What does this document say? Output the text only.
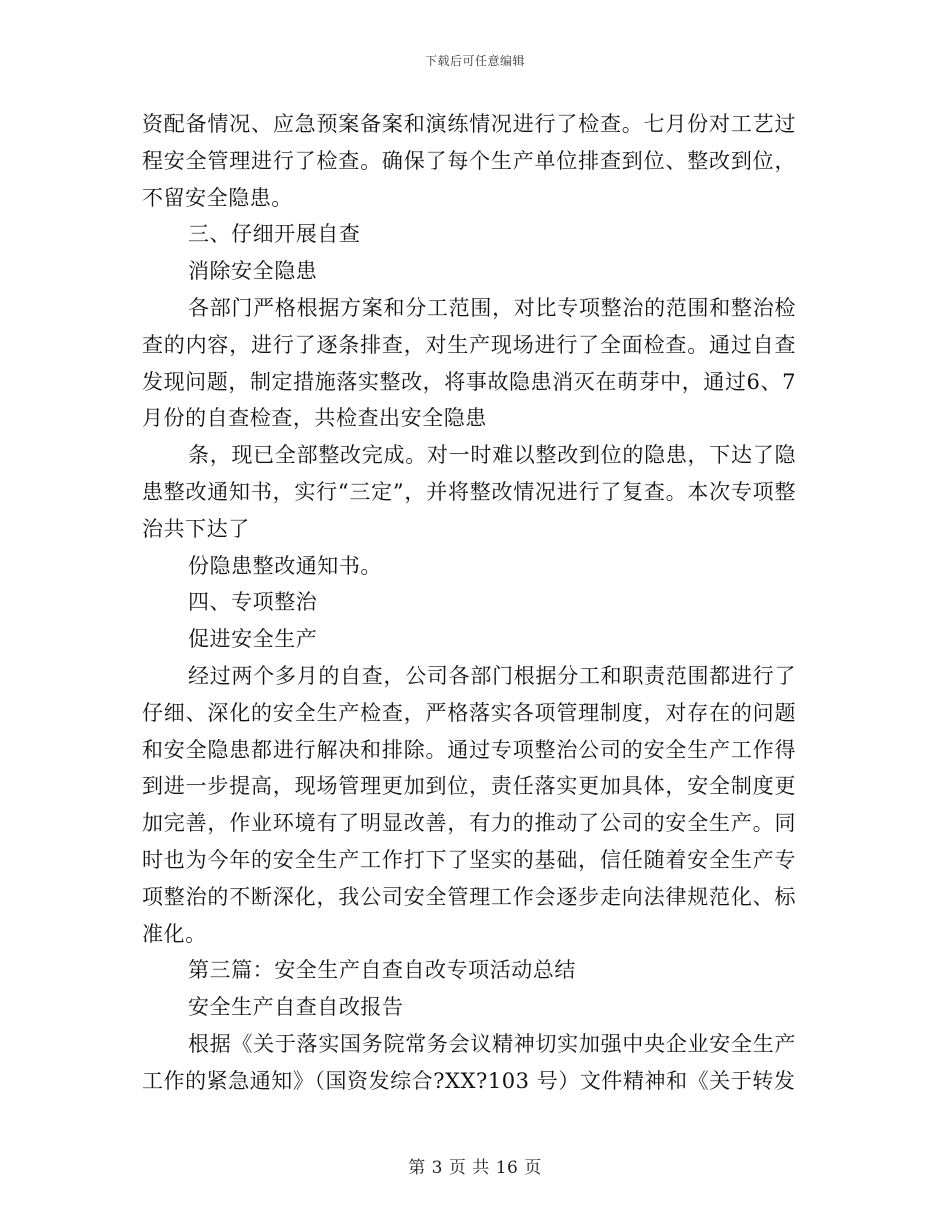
下载后可任意编辑

资配备情况、应急预案备案和演练情况进行了检查。七月份对工艺过程安全管理进行了检查。确保了每个生产单位排查到位、整改到位，不留安全隐患。

三、仔细开展自查

消除安全隐患

各部门严格根据方案和分工范围，对比专项整治的范围和整治检查的内容，进行了逐条排查，对生产现场进行了全面检查。通过自查发现问题，制定措施落实整改，将事故隐患消灭在萌芽中，通过6、7月份的自查检查，共检查出安全隐患

条，现已全部整改完成。对一时难以整改到位的隐患，下达了隐患整改通知书，实行“三定”，并将整改情况进行了复查。本次专项整治共下达了

份隐患整改通知书。

四、专项整治

促进安全生产

经过两个多月的自查，公司各部门根据分工和职责范围都进行了仔细、深化的安全生产检查，严格落实各项管理制度，对存在的问题和安全隐患都进行解决和排除。通过专项整治公司的安全生产工作得到进一步提高，现场管理更加到位，责任落实更加具体，安全制度更加完善，作业环境有了明显改善，有力的推动了公司的安全生产。同时也为今年的安全生产工作打下了坚实的基础，信任随着安全生产专项整治的不断深化，我公司安全管理工作会逐步走向法律规范化、标准化。

第三篇：安全生产自查自改专项活动总结

安全生产自查自改报告

根据《关于落实国务院常务会议精神切实加强中央企业安全生产工作的紧急通知》（国资发综合?XX?103 号）文件精神和《关于转发

第 3 页 共 16 页
